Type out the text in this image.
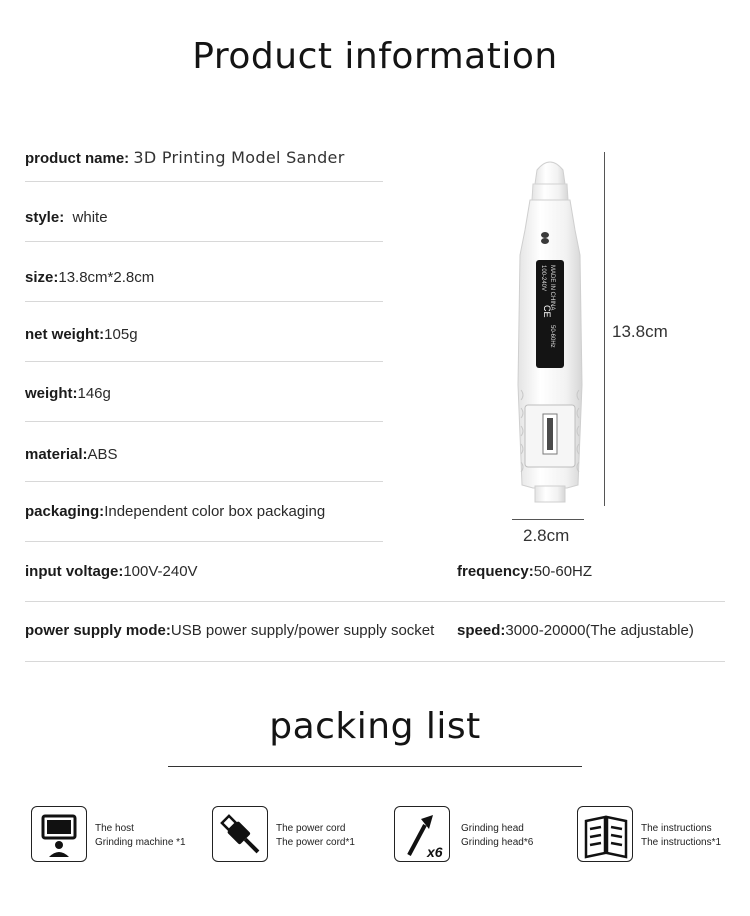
Product information
product name: 3D Printing Model Sander
style: white
size:13.8cm*2.8cm
net weight:105g
weight:146g
material:ABS
packaging:Independent color box packaging
input voltage:100V-240V	frequency:50-60HZ
power supply mode:USB power supply/power supply socket speed:3000-20000(The adjustable)
100-240V
CE
MADE IN CHINA
50-60Hz	13.8cm
2.8cm
packing list
The host
Grinding machine *1
The power cord
The power cord*1
x6
Grinding head
Grinding head*6
The instructions
The instructions*1
